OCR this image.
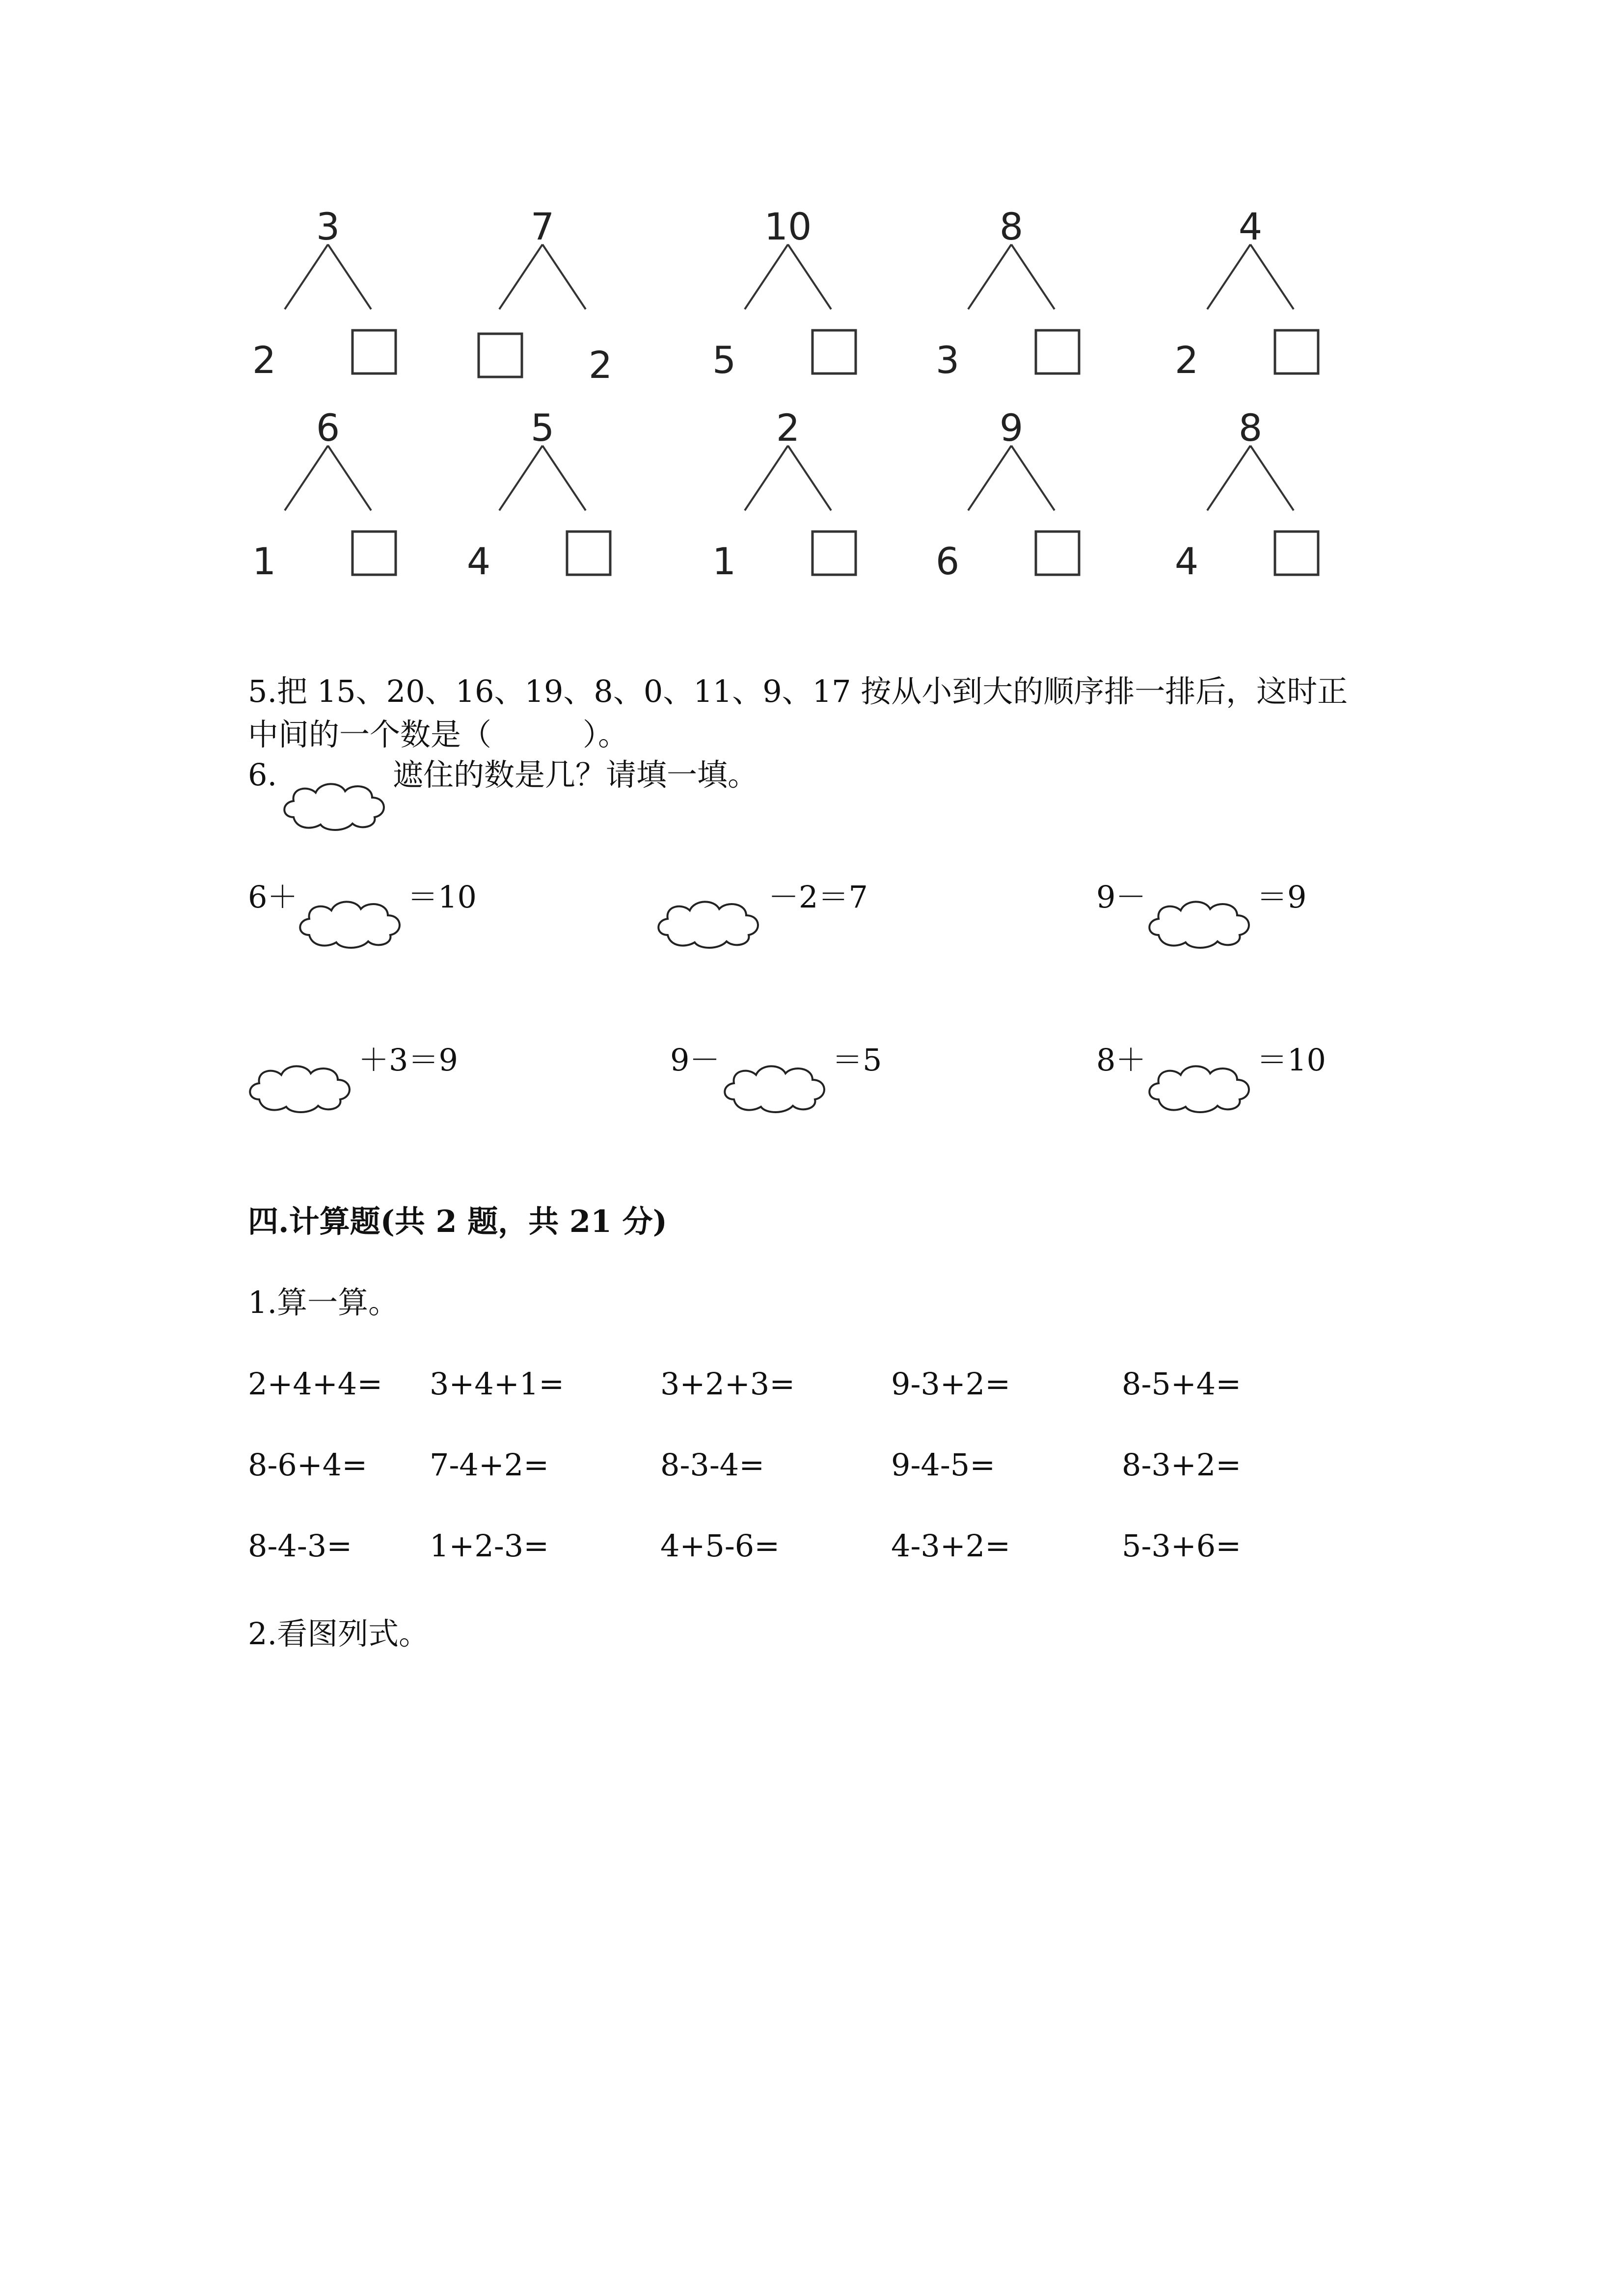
3
2
7
2
10
5
8
3
4
2
6
1
5
4
2
1
9
6
8
4
5.把 15、20、16、19、8、0、11、9、17 按从小到大的顺序排一排后，这时正
中间的一个数是（　　　）。
6.	遮住的数是几？请填一填。
6＋	＝10	－2＝7	9－	＝9
＋3＝9	9－	＝5	8＋	＝10
四.计算题(共 2 题，共 21 分)
1.算一算。
2+4+4= 3+4+1=	3+2+3=	9-3+2=	8-5+4=
8-6+4= 7-4+2=	8-3-4=	9-4-5=	8-3+2=
8-4-3=	1+2-3=	4+5-6=	4-3+2=	5-3+6=
2.看图列式。
